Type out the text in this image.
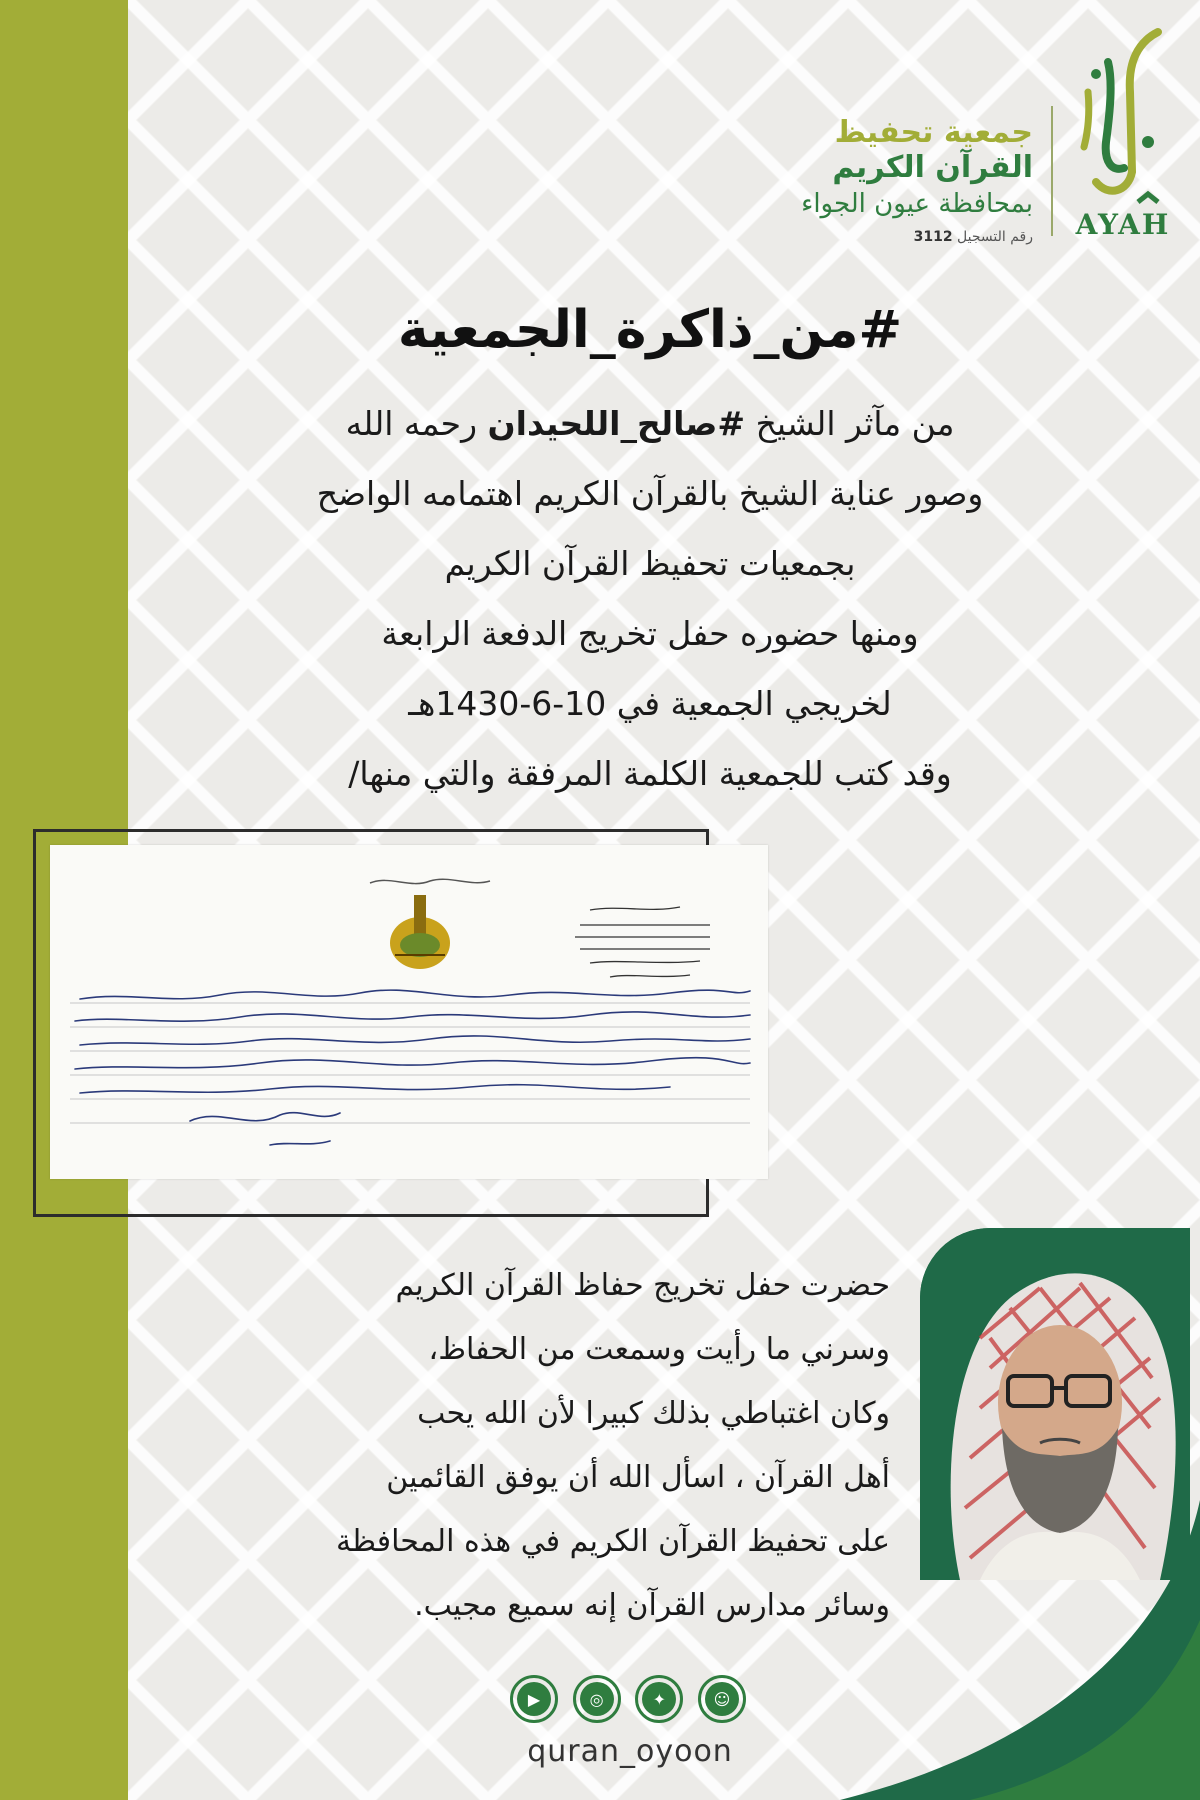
AYAH
جمعية تحفيظ
القرآن الكريم
بمحافظة عيون الجواء
رقم التسجيل 3112
#من_ذاكرة_الجمعية
من مآثر الشيخ #صالح_اللحيدان رحمه الله
وصور عناية الشيخ بالقرآن الكريم اهتمامه الواضح
بجمعيات تحفيظ القرآن الكريم
ومنها حضوره حفل تخريج الدفعة الرابعة
لخريجي الجمعية في 10-6-1430هـ
وقد كتب للجمعية الكلمة المرفقة والتي منها/
حضرت حفل تخريج حفاظ القرآن الكريم
وسرني ما رأيت وسمعت من الحفاظ،
وكان اغتباطي بذلك كبيرا لأن الله يحب
أهل القرآن ، اسأل الله أن يوفق القائمين
على تحفيظ القرآن الكريم في هذه المحافظة
وسائر مدارس القرآن إنه سميع مجيب.
▶	◎	✦	☺
quran_oyoon
